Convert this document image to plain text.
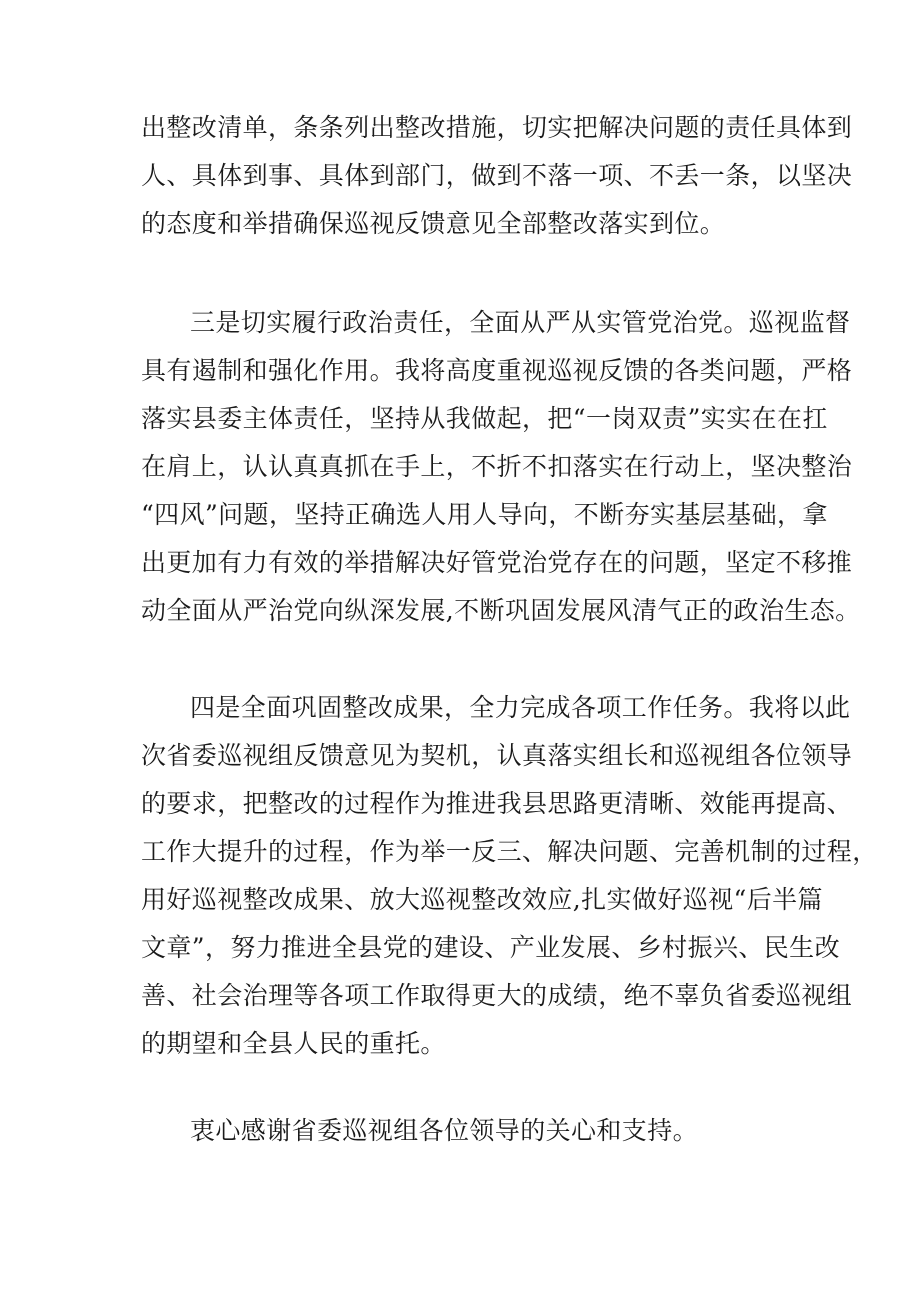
出整改清单，条条列出整改措施，切实把解决问题的责任具体到
人、具体到事、具体到部门，做到不落一项、不丢一条，以坚决
的态度和举措确保巡视反馈意见全部整改落实到位。
三是切实履行政治责任，全面从严从实管党治党。巡视监督
具有遏制和强化作用。我将高度重视巡视反馈的各类问题，严格
落实县委主体责任，坚持从我做起，把“一岗双责”实实在在扛
在肩上，认认真真抓在手上，不折不扣落实在行动上，坚决整治
“四风”问题，坚持正确选人用人导向，不断夯实基层基础，拿
出更加有力有效的举措解决好管党治党存在的问题，坚定不移推
动全面从严治党向纵深发展,不断巩固发展风清气正的政治生态。
四是全面巩固整改成果，全力完成各项工作任务。我将以此
次省委巡视组反馈意见为契机，认真落实组长和巡视组各位领导
的要求，把整改的过程作为推进我县思路更清晰、效能再提高、
工作大提升的过程，作为举一反三、解决问题、完善机制的过程，
用好巡视整改成果、放大巡视整改效应,扎实做好巡视“后半篇
文章”，努力推进全县党的建设、产业发展、乡村振兴、民生改
善、社会治理等各项工作取得更大的成绩，绝不辜负省委巡视组
的期望和全县人民的重托。
衷心感谢省委巡视组各位领导的关心和支持。
